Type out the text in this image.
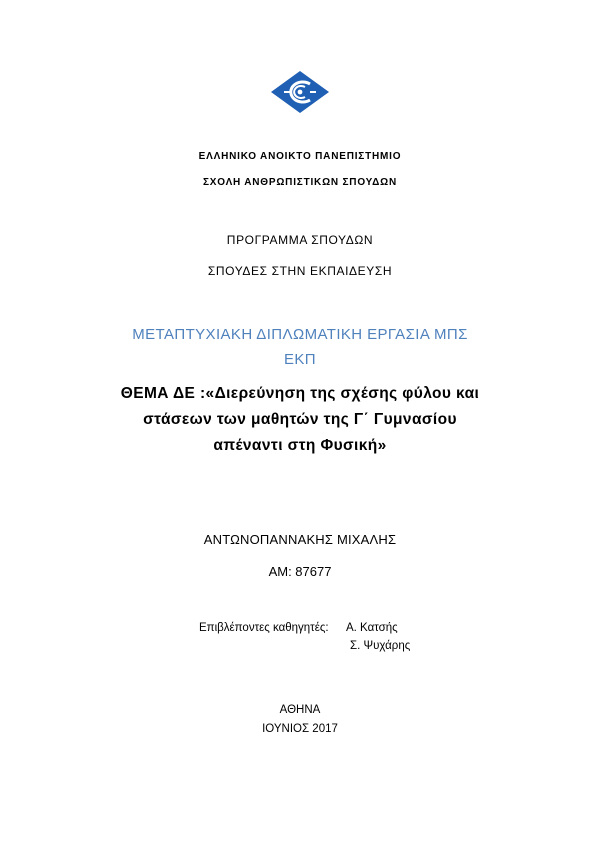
ΕΛΛΗΝΙΚΟ ΑΝΟΙΚΤΟ ΠΑΝΕΠΙΣΤΗΜΙΟ
ΣΧΟΛΗ ΑΝΘΡΩΠΙΣΤΙΚΩΝ ΣΠΟΥΔΩΝ
ΠΡΟΓΡΑΜΜΑ ΣΠΟΥΔΩΝ
ΣΠΟΥΔΕΣ ΣΤΗΝ ΕΚΠΑΙΔΕΥΣΗ
ΜΕΤΑΠΤΥΧΙΑΚΗ ΔΙΠΛΩΜΑΤΙΚΗ ΕΡΓΑΣΙΑ ΜΠΣ
ΕΚΠ
ΘΕΜΑ ΔΕ :«Διερεύνηση της σχέσης φύλου και
στάσεων των μαθητών της Γ΄ Γυμνασίου
απέναντι στη Φυσική»
ΑΝΤΩΝΟΠΑΝΝΑΚΗΣ ΜΙΧΑΛΗΣ
ΑΜ: 87677
Επιβλέποντες καθηγητές: Α. Κατσής
Σ. Ψυχάρης
ΑΘΗΝΑ
ΙΟΥΝΙΟΣ 2017
